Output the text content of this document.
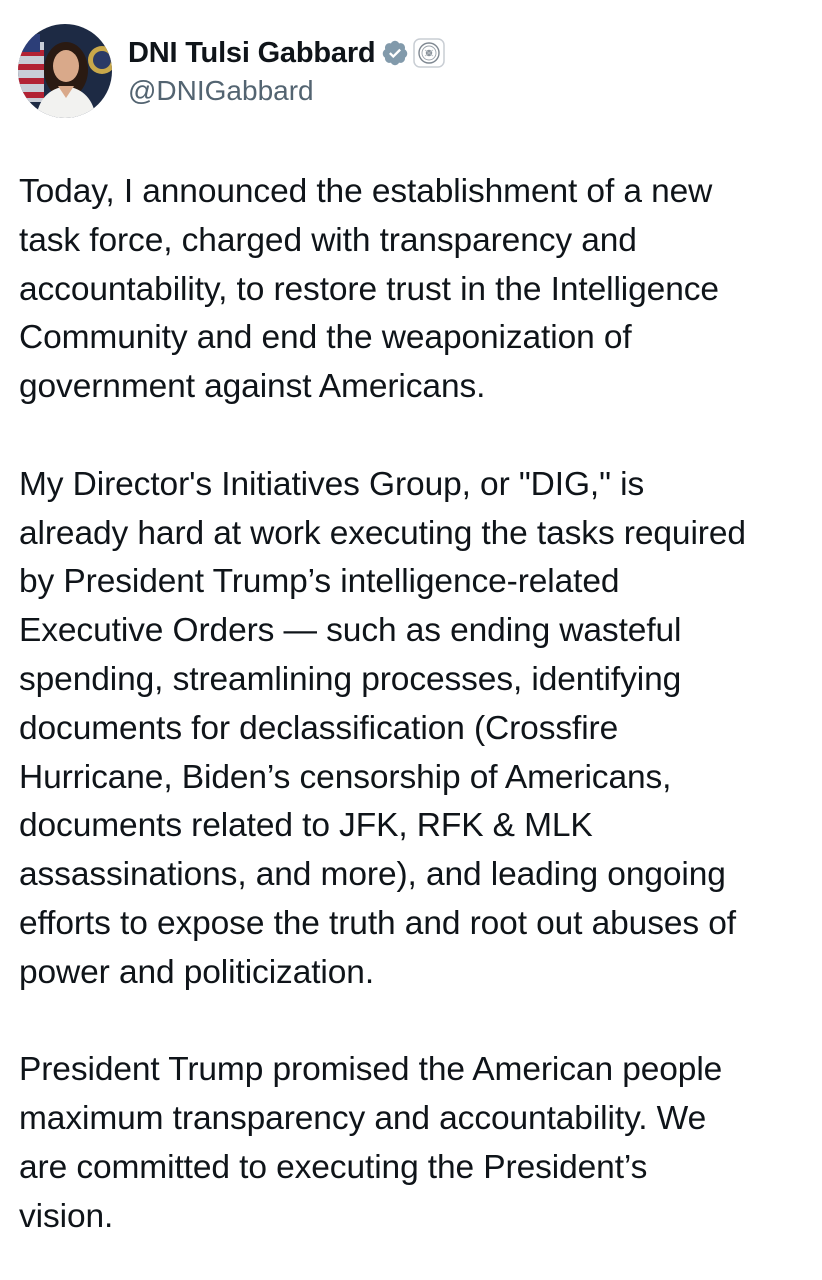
DNI Tulsi Gabbard
@DNIGabbard

Today, I announced the establishment of a new
task force, charged with transparency and
accountability, to restore trust in the Intelligence
Community and end the weaponization of
government against Americans.

My Director's Initiatives Group, or "DIG," is
already hard at work executing the tasks required
by President Trump’s intelligence-related
Executive Orders — such as ending wasteful
spending, streamlining processes, identifying
documents for declassification (Crossfire
Hurricane, Biden’s censorship of Americans,
documents related to JFK, RFK & MLK
assassinations, and more), and leading ongoing
efforts to expose the truth and root out abuses of
power and politicization.

President Trump promised the American people
maximum transparency and accountability. We
are committed to executing the President’s
vision.
